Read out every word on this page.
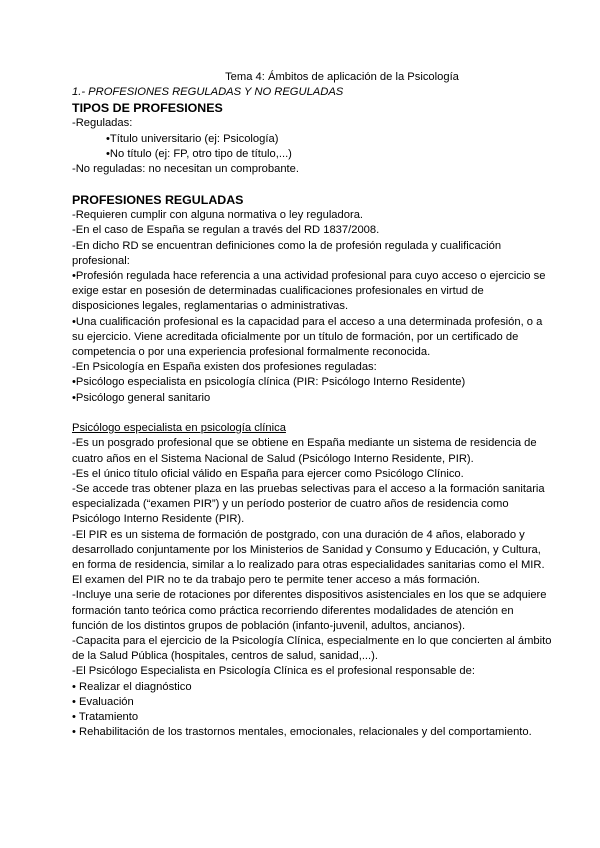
Tema 4: Ámbitos de aplicación de la Psicología
1.- PROFESIONES REGULADAS Y NO REGULADAS
TIPOS DE PROFESIONES
-Reguladas:
•Título universitario (ej: Psicología)
•No título (ej: FP, otro tipo de título,...)
-No reguladas: no necesitan un comprobante.
PROFESIONES REGULADAS

-Requieren cumplir con alguna normativa o ley reguladora.

-En el caso de España se regulan a través del RD 1837/2008.

-En dicho RD se encuentran definiciones como la de profesión regulada y cualificación profesional:

•Profesión regulada hace referencia a una actividad profesional para cuyo acceso o ejercicio se exige estar en posesión de determinadas cualificaciones profesionales en virtud de disposiciones legales, reglamentarias o administrativas.

•Una cualificación profesional es la capacidad para el acceso a una determinada profesión, o a su ejercicio. Viene acreditada oficialmente por un título de formación, por un certificado de competencia o por una experiencia profesional formalmente reconocida.

-En Psicología en España existen dos profesiones reguladas:

•Psicólogo especialista en psicología clínica (PIR: Psicólogo Interno Residente)

•Psicólogo general sanitario

Psicólogo especialista en psicología clínica

-Es un posgrado profesional que se obtiene en España mediante un sistema de residencia de cuatro años en el Sistema Nacional de Salud (Psicólogo Interno Residente, PIR).

-Es el único título oficial válido en España para ejercer como Psicólogo Clínico.

-Se accede tras obtener plaza en las pruebas selectivas para el acceso a la formación sanitaria especializada (“examen PIR”) y un período posterior de cuatro años de residencia como Psicólogo Interno Residente (PIR).

-El PIR es un sistema de formación de postgrado, con una duración de 4 años, elaborado y desarrollado conjuntamente por los Ministerios de Sanidad y Consumo y Educación, y Cultura, en forma de residencia, similar a lo realizado para otras especialidades sanitarias como el MIR. El examen del PIR no te da trabajo pero te permite tener acceso a más formación.

-Incluye una serie de rotaciones por diferentes dispositivos asistenciales en los que se adquiere formación tanto teórica como práctica recorriendo diferentes modalidades de atención en función de los distintos grupos de población (infanto-juvenil, adultos, ancianos).

-Capacita para el ejercicio de la Psicología Clínica, especialmente en lo que concierten al ámbito de la Salud Pública (hospitales, centros de salud, sanidad,...).

-El Psicólogo Especialista en Psicología Clínica es el profesional responsable de:

• Realizar el diagnóstico

• Evaluación

• Tratamiento

• Rehabilitación de los trastornos mentales, emocionales, relacionales y del comportamiento.
